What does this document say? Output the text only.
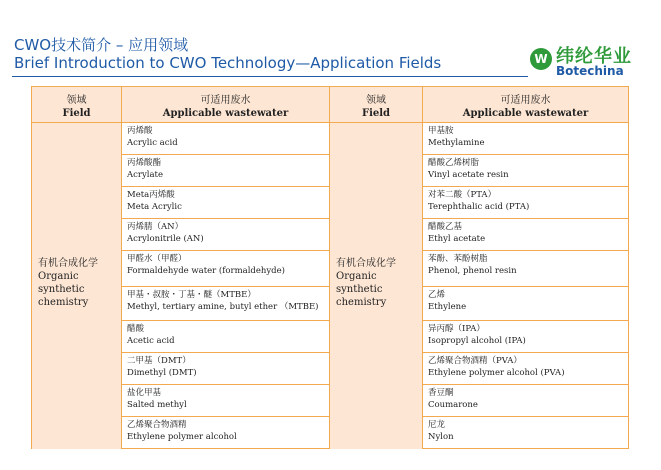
CWO技术简介 – 应用领域
Brief Introduction to CWO Technology—Application Fields	W 纬纶华业
Botechina
领域
Field
可适用废水
Applicable wastewater
领域
Field
可适用废水
Applicable wastewater
有机合成化学
Organic
synthetic
chemistry
丙烯酸
Acrylic acid
丙烯酸酯
Acrylate
Meta丙烯酸
Meta Acrylic
丙烯腈（AN）
Acrylonitrile (AN)
甲醛水（甲醛）
Formaldehyde water (formaldehyde)
甲基・叔胺・丁基・醚（MTBE）
Methyl, tertiary amine, butyl ether （MTBE)
醋酸
Acetic acid
二甲基（DMT）
Dimethyl (DMT)
盐化甲基
Salted methyl
乙烯聚合物酒精
Ethylene polymer alcohol
有机合成化学
Organic
synthetic
chemistry
甲基胺
Methylamine
醋酸乙烯树脂
Vinyl acetate resin
对苯二酸（PTA）
Terephthalic acid (PTA)
醋酸乙基
Ethyl acetate
苯酚、苯酚树脂
Phenol, phenol resin
乙烯
Ethylene
异丙醇（IPA）
Isopropyl alcohol (IPA)
乙烯聚合物酒精（PVA）
Ethylene polymer alcohol (PVA)
香豆酮
Coumarone
尼龙
Nylon
